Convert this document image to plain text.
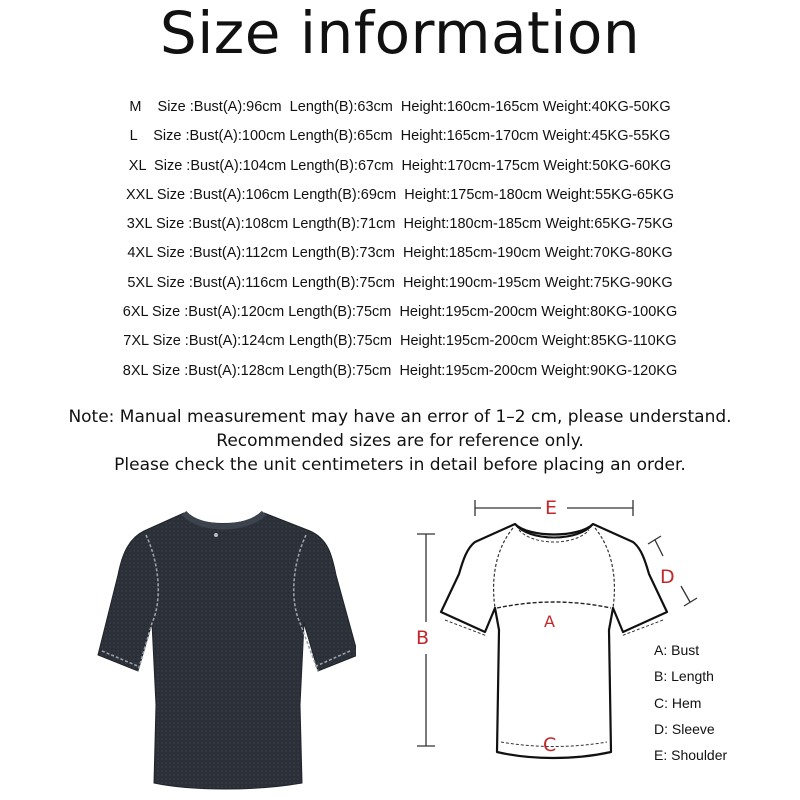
Size information
M    Size :Bust(A):96cm  Length(B):63cm  Height:160cm-165cm Weight:40KG-50KG
L    Size :Bust(A):100cm Length(B):65cm  Height:165cm-170cm Weight:45KG-55KG
XL  Size :Bust(A):104cm Length(B):67cm  Height:170cm-175cm Weight:50KG-60KG
XXL Size :Bust(A):106cm Length(B):69cm  Height:175cm-180cm Weight:55KG-65KG
3XL Size :Bust(A):108cm Length(B):71cm  Height:180cm-185cm Weight:65KG-75KG
4XL Size :Bust(A):112cm Length(B):73cm  Height:185cm-190cm Weight:70KG-80KG
5XL Size :Bust(A):116cm Length(B):75cm  Height:190cm-195cm Weight:75KG-90KG
6XL Size :Bust(A):120cm Length(B):75cm  Height:195cm-200cm Weight:80KG-100KG
7XL Size :Bust(A):124cm Length(B):75cm  Height:195cm-200cm Weight:85KG-110KG
8XL Size :Bust(A):128cm Length(B):75cm  Height:195cm-200cm Weight:90KG-120KG
Note: Manual measurement may have an error of 1–2 cm, please understand.
Recommended sizes are for reference only.
Please check the unit centimeters in detail before placing an order.
E
B
D
A
C
A: Bust
B: Length
C: Hem
D: Sleeve
E: Shoulder
